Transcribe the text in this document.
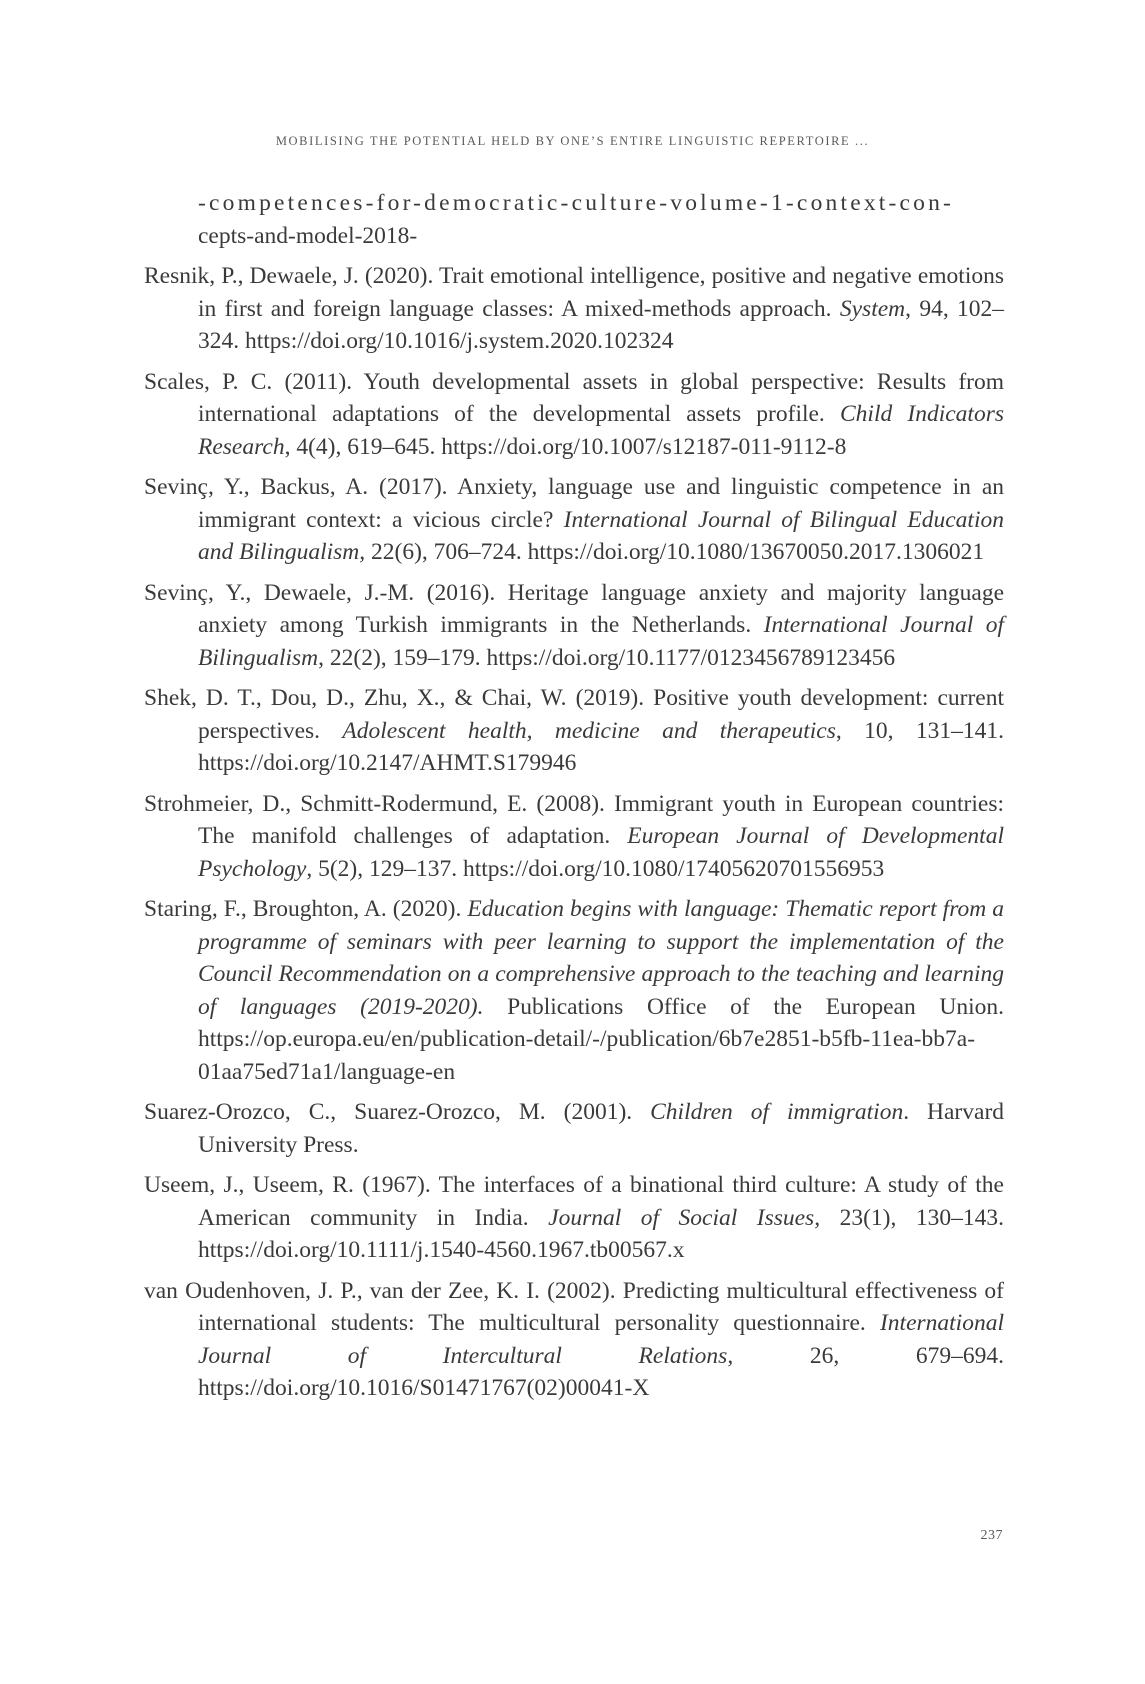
MOBILISING THE POTENTIAL HELD BY ONE’S ENTIRE LINGUISTIC REPERTOIRE ...
-competences-for-democratic-culture-volume-1-context-con-
cepts-and-model-2018-
Resnik, P., Dewaele, J. (2020). Trait emotional intelligence, positive and negative emotions in first and foreign language classes: A mixed-methods approach. System, 94, 102–324. https://doi.org/10.1016/j.system.2020.102324
Scales, P. C. (2011). Youth developmental assets in global perspective: Results from international adaptations of the developmental assets profile. Child Indicators Research, 4(4), 619–645. https://doi.org/10.1007/s12187-011-9112-8
Sevinç, Y., Backus, A. (2017). Anxiety, language use and linguistic competence in an immigrant context: a vicious circle? International Journal of Bilingual Education and Bilingualism, 22(6), 706–724. https://doi.org/10.1080/13670050.2017.1306021
Sevinç, Y., Dewaele, J.-M. (2016). Heritage language anxiety and majority language anxiety among Turkish immigrants in the Netherlands. International Journal of Bilingualism, 22(2), 159–179. https://doi.org/10.1177/0123456789123456
Shek, D. T., Dou, D., Zhu, X., & Chai, W. (2019). Positive youth development: current perspectives. Adolescent health, medicine and therapeutics, 10, 131–141. https://doi.org/10.2147/AHMT.S179946
Strohmeier, D., Schmitt-Rodermund, E. (2008). Immigrant youth in European countries: The manifold challenges of adaptation. European Journal of Developmental Psychology, 5(2), 129–137. https://doi.org/10.1080/17405620701556953
Staring, F., Broughton, A. (2020). Education begins with language: Thematic report from a programme of seminars with peer learning to support the implementation of the Council Recommendation on a comprehensive approach to the teaching and learning of languages (2019-2020). Publications Office of the European Union. https://op.europa.eu/en/publication-detail/-/publication/6b7e2851-b5fb-11ea-bb7a-01aa75ed71a1/language-en
Suarez-Orozco, C., Suarez-Orozco, M. (2001). Children of immigration. Harvard University Press.
Useem, J., Useem, R. (1967). The interfaces of a binational third culture: A study of the American community in India. Journal of Social Issues, 23(1), 130–143. https://doi.org/10.1111/j.1540-4560.1967.tb00567.x
van Oudenhoven, J. P., van der Zee, K. I. (2002). Predicting multicultural effectiveness of international students: The multicultural personality questionnaire. International Journal of Intercultural Relations, 26, 679–694. https://doi.org/10.1016/S01471767(02)00041-X
237
